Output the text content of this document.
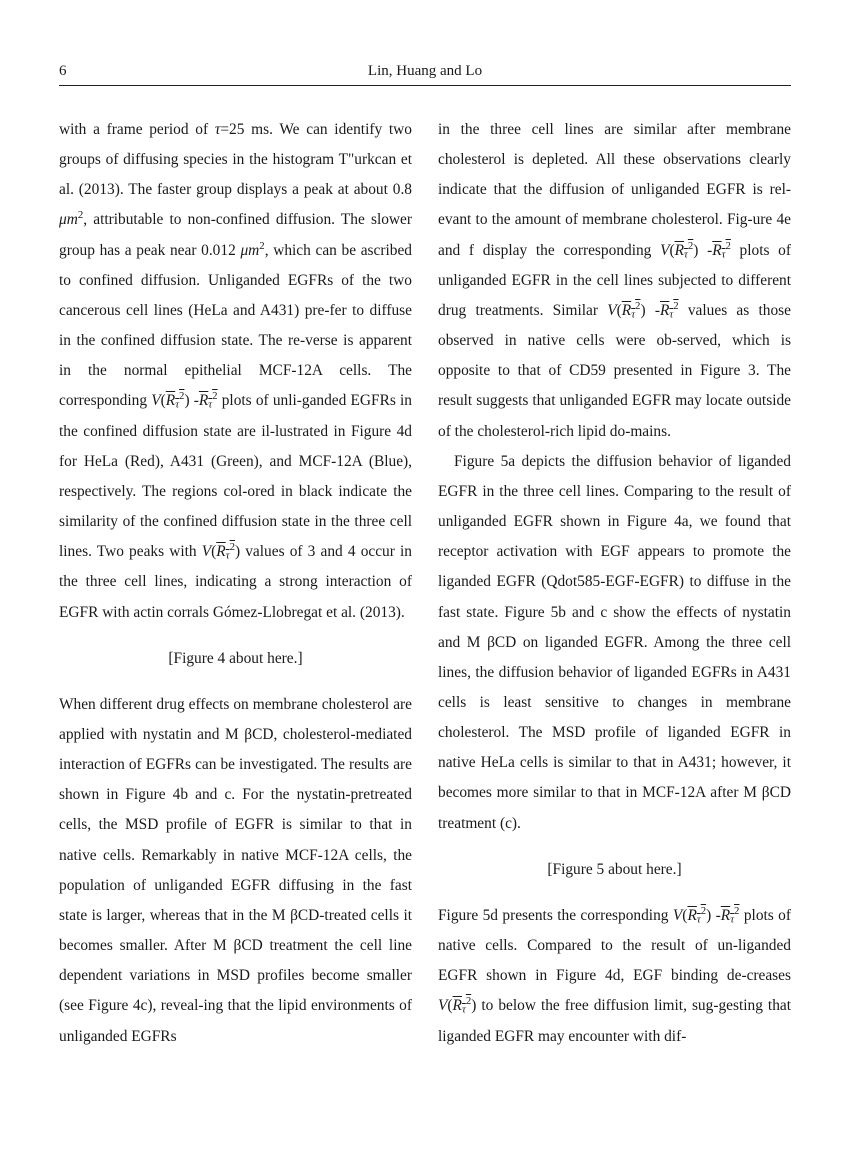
6	Lin, Huang and Lo

with a frame period of τ=25 ms. We can identify two groups of diffusing species in the histogram T"urkcan et al. (2013). The faster group displays a peak at about 0.8 $\mu m^2$, attributable to non-confined diffusion. The slower group has a peak near 0.012 $\mu m^2$, which can be ascribed to confined diffusion. Unliganded EGFRs of the two cancerous cell lines (HeLa and A431) pre-fer to diffuse in the confined diffusion state. The re-verse is apparent in the normal epithelial MCF-12A cells. The corresponding $V(R_\tau^2)$ $-R_\tau^2$ plots of unli-ganded EGFRs in the confined diffusion state are il-lustrated in Figure 4d for HeLa (Red), A431 (Green), and MCF-12A (Blue), respectively. The regions col-ored in black indicate the similarity of the confined diffusion state in the three cell lines. Two peaks with $V(R_\tau^2)$ values of 3 and 4 occur in the three cell lines, indicating a strong interaction of EGFR with actin corrals Gómez-Llobregat et al. (2013).

[Figure 4 about here.]

When different drug effects on membrane cholesterol are applied with nystatin and M βCD, cholesterol-mediated interaction of EGFRs can be investigated. The results are shown in Figure 4b and c. For the nystatin-pretreated cells, the MSD profile of EGFR is similar to that in native cells. Remarkably in native MCF-12A cells, the population of unliganded EGFR diffusing in the fast state is larger, whereas that in the M βCD-treated cells it becomes smaller. After M βCD treatment the cell line dependent variations in MSD profiles become smaller (see Figure 4c), reveal-ing that the lipid environments of unliganded EGFRs

in the three cell lines are similar after membrane cholesterol is depleted. All these observations clearly indicate that the diffusion of unliganded EGFR is rel-evant to the amount of membrane cholesterol. Fig-ure 4e and f display the corresponding $V(R_\tau^2)$ $-R_\tau^2$ plots of unliganded EGFR in the cell lines subjected to different drug treatments. Similar $V(R_\tau^2)$ $-R_\tau^2$ values as those observed in native cells were ob-served, which is opposite to that of CD59 presented in Figure 3. The result suggests that unliganded EGFR may locate outside of the cholesterol-rich lipid do-mains.

Figure 5a depicts the diffusion behavior of liganded EGFR in the three cell lines. Comparing to the result of unliganded EGFR shown in Figure 4a, we found that receptor activation with EGF appears to promote the liganded EGFR (Qdot585-EGF-EGFR) to diffuse in the fast state. Figure 5b and c show the effects of nystatin and M βCD on liganded EGFR. Among the three cell lines, the diffusion behavior of liganded EGFRs in A431 cells is least sensitive to changes in membrane cholesterol. The MSD profile of liganded EGFR in native HeLa cells is similar to that in A431; however, it becomes more similar to that in MCF-12A after M βCD treatment (c).

[Figure 5 about here.]

Figure 5d presents the corresponding $V(R_\tau^2)$ $-R_\tau^2$ plots of native cells. Compared to the result of un-liganded EGFR shown in Figure 4d, EGF binding de-creases $V(R_\tau^2)$ to below the free diffusion limit, sug-gesting that liganded EGFR may encounter with dif-
